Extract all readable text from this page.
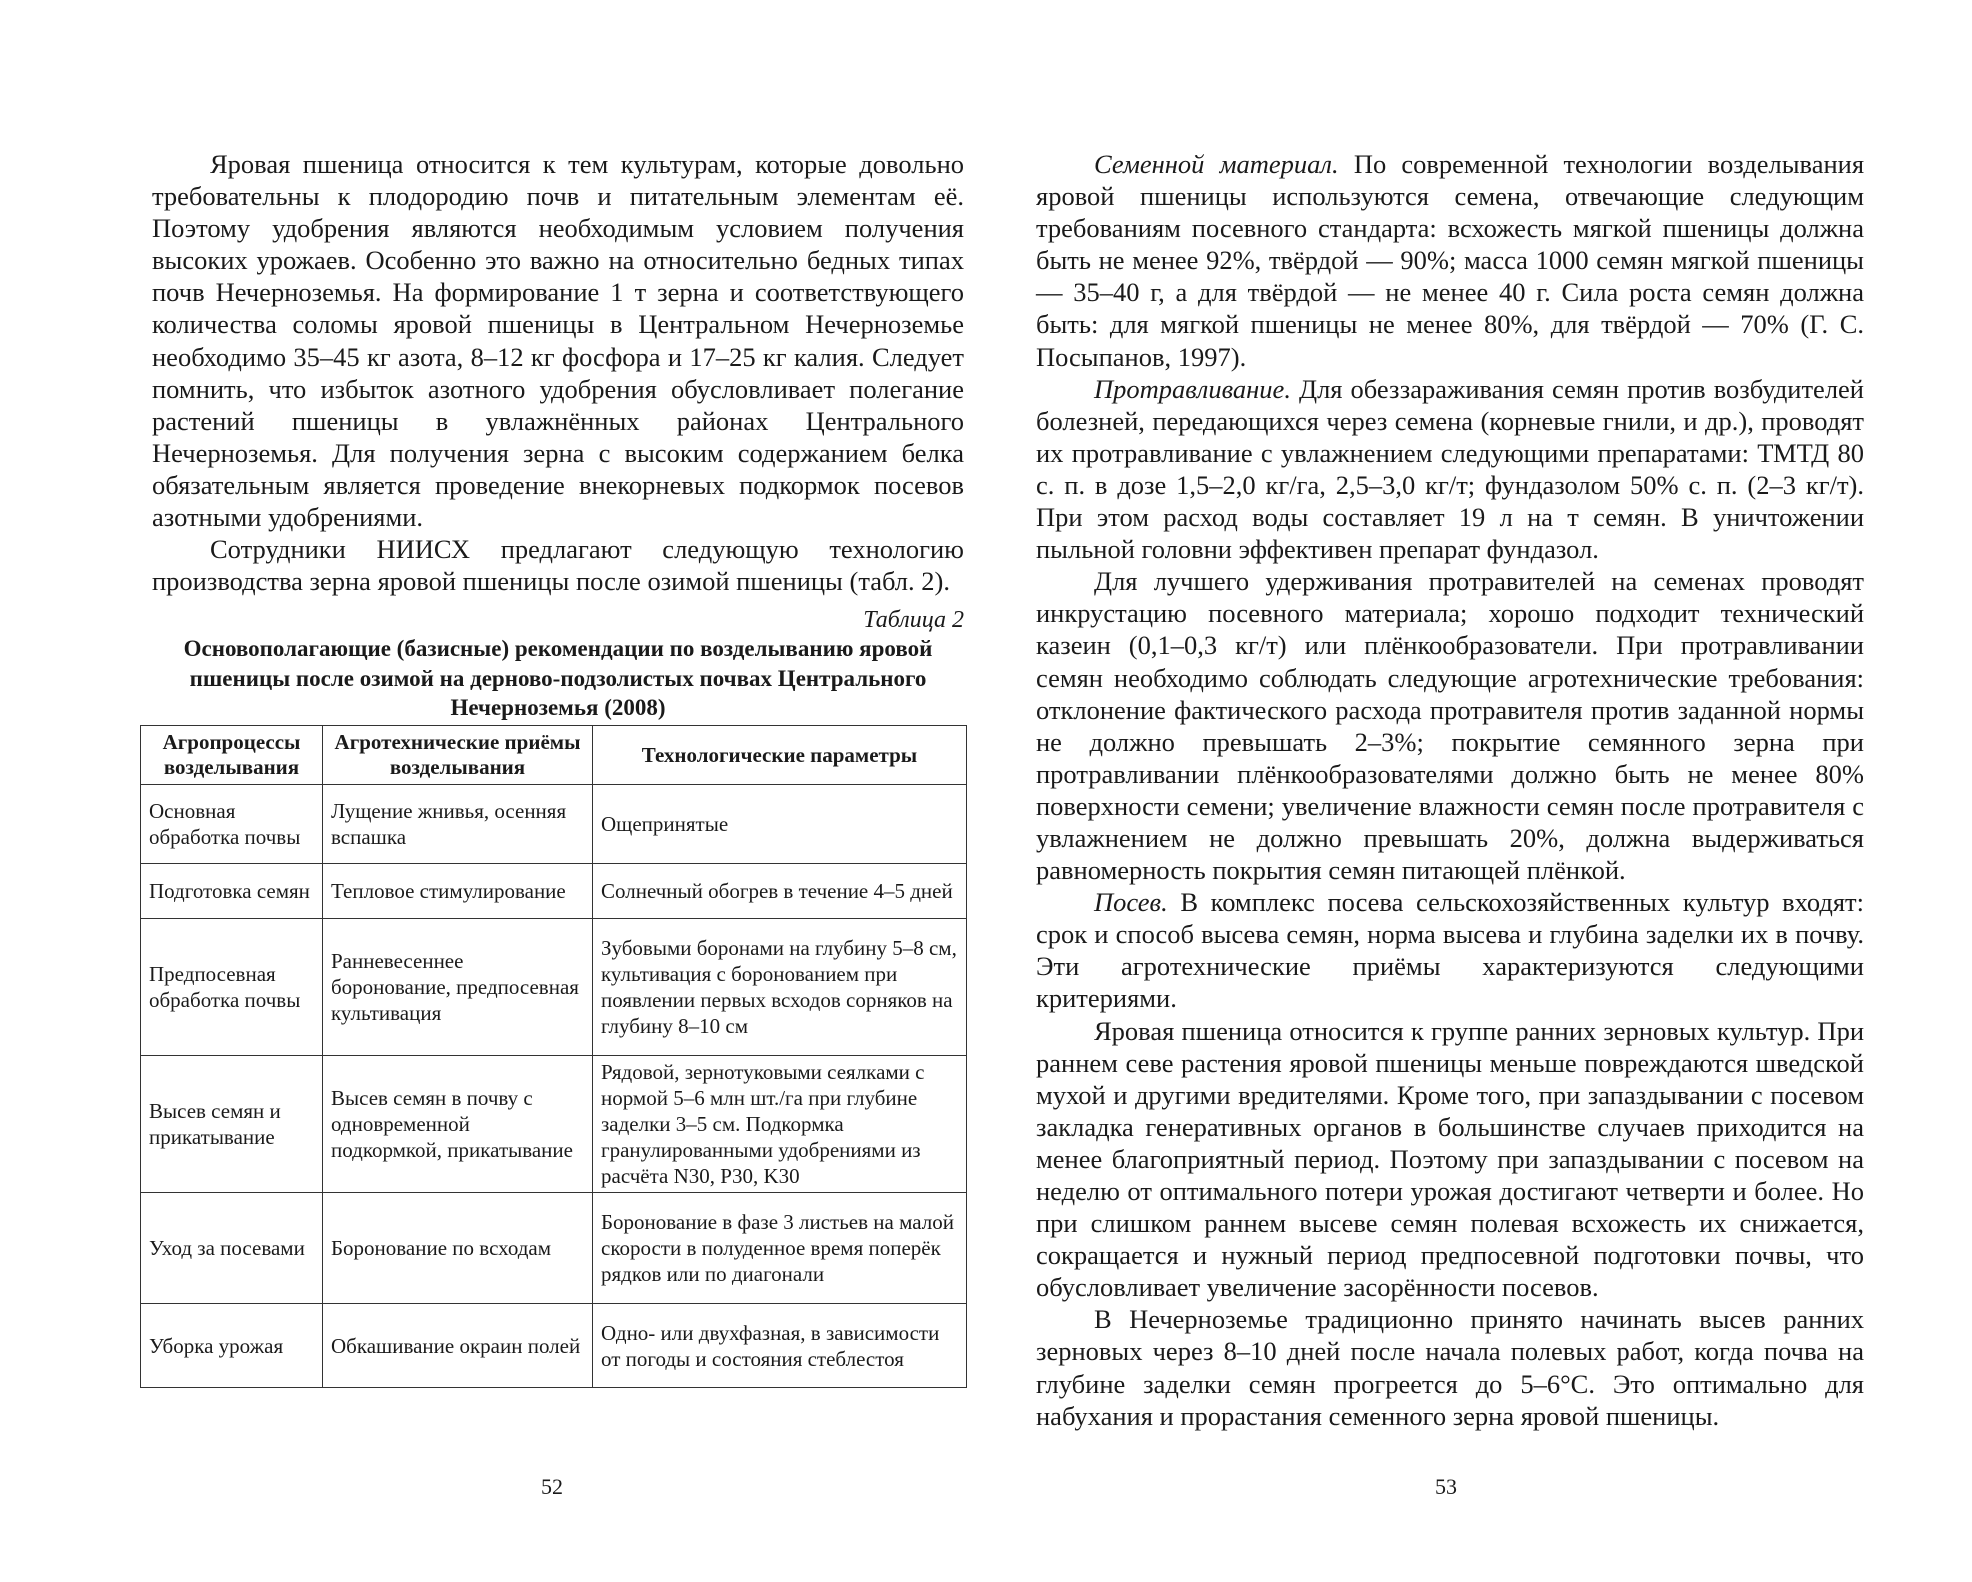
Яровая пшеница относится к тем культурам, которые довольно требовательны к плодородию почв и питательным элементам её. Поэтому удобрения являются необходимым условием получения высоких урожаев. Особенно это важно на относительно бедных типах почв Нечерноземья. На формирование 1 т зерна и соответствующего количества соломы яровой пшеницы в Центральном Нечерноземье необходимо 35–45 кг азота, 8–12 кг фосфора и 17–25 кг калия. Следует помнить, что избыток азотного удобрения обусловливает полегание растений пшеницы в увлажнённых районах Центрального Нечерноземья. Для получения зерна с высоким содержанием белка обязательным является проведение внекорневых подкормок посевов азотными удобрениями.

Сотрудники НИИСХ предлагают следующую технологию производства зерна яровой пшеницы после озимой пшеницы (табл. 2).

Таблица 2
Основополагающие (базисные) рекомендации по возделыванию яровой пшеницы после озимой на дерново-подзолистых почвах Центрального Нечерноземья (2008)
Агропроцессы возделывания	Агротехнические приёмы возделывания	Технологические параметры
Основная обработка почвы	Лущение жнивья, осенняя вспашка	Ощепринятые
Подготовка семян	Тепловое стимулирование	Солнечный обогрев в течение 4–5 дней
Предпосевная обработка почвы	Ранневесеннее боронование, предпосевная культивация	Зубовыми боронами на глубину 5–8 см, культивация с боронованием при появлении первых всходов сорняков на глубину 8–10 см
Высев семян и прикатывание	Высев семян в почву с одновременной подкормкой, прикатывание	Рядовой, зернотуковыми сеялками с нормой 5–6 млн шт./га при глубине заделки 3–5 см. Подкормка гранулированными удобрениями из расчёта N30, P30, K30
Уход за посевами	Боронование по всходам	Боронование в фазе 3 листьев на малой скорости в полуденное время поперёк рядков или по диагонали
Уборка урожая	Обкашивание окраин полей	Одно- или двухфазная, в зависимости от погоды и состояния стеблестоя
52

Семенной материал. По современной технологии возделывания яровой пшеницы используются семена, отвечающие следующим требованиям посевного стандарта: всхожесть мягкой пшеницы должна быть не менее 92%, твёрдой — 90%; масса 1000 семян мягкой пшеницы — 35–40 г, а для твёрдой — не менее 40 г. Сила роста семян должна быть: для мягкой пшеницы не менее 80%, для твёрдой — 70% (Г. С. Посыпанов, 1997).

Протравливание. Для обеззараживания семян против возбудителей болезней, передающихся через семена (корневые гнили, и др.), проводят их протравливание с увлажнением следующими препаратами: ТМТД 80 с. п. в дозе 1,5–2,0 кг/га, 2,5–3,0 кг/т; фундазолом 50% с. п. (2–3 кг/т). При этом расход воды составляет 19 л на т семян. В уничтожении пыльной головни эффективен препарат фундазол.

Для лучшего удерживания протравителей на семенах проводят инкрустацию посевного материала; хорошо подходит технический казеин (0,1–0,3 кг/т) или плёнкообразователи. При протравливании семян необходимо соблюдать следующие агротехнические требования: отклонение фактического расхода протравителя против заданной нормы не должно превышать 2–3%; покрытие семянного зерна при протравливании плёнкообразователями должно быть не менее 80% поверхности семени; увеличение влажности семян после протравителя с увлажнением не должно превышать 20%, должна выдерживаться равномерность покрытия семян питающей плёнкой.

Посев. В комплекс посева сельскохозяйственных культур входят: срок и способ высева семян, норма высева и глубина заделки их в почву. Эти агротехнические приёмы характеризуются следующими критериями.

Яровая пшеница относится к группе ранних зерновых культур. При раннем севе растения яровой пшеницы меньше повреждаются шведской мухой и другими вредителями. Кроме того, при запаздывании с посевом закладка генеративных органов в большинстве случаев приходится на менее благоприятный период. Поэтому при запаздывании с посевом на неделю от оптимального потери урожая достигают четверти и более. Но при слишком раннем высеве семян полевая всхожесть их снижается, сокращается и нужный период предпосевной подготовки почвы, что обусловливает увеличение засорённости посевов.

В Нечерноземье традиционно принято начинать высев ранних зерновых через 8–10 дней после начала полевых работ, когда почва на глубине заделки семян прогреется до 5–6°С. Это оптимально для набухания и прорастания семенного зерна яровой пшеницы.

53
